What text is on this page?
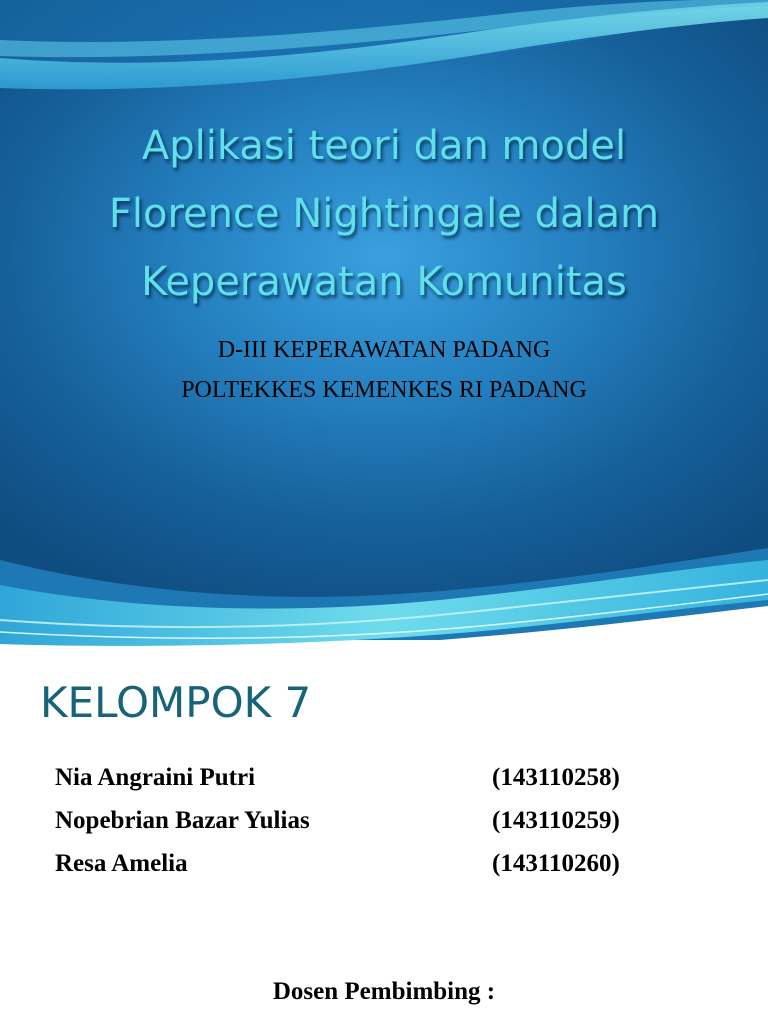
Aplikasi teori dan model
Florence Nightingale dalam
Keperawatan Komunitas
D-III KEPERAWATAN PADANG
POLTEKKES KEMENKES RI PADANG
KELOMPOK 7
Nia Angraini Putri	(143110258)
Nopebrian Bazar Yulias	(143110259)
Resa Amelia	(143110260)
Dosen Pembimbing :
